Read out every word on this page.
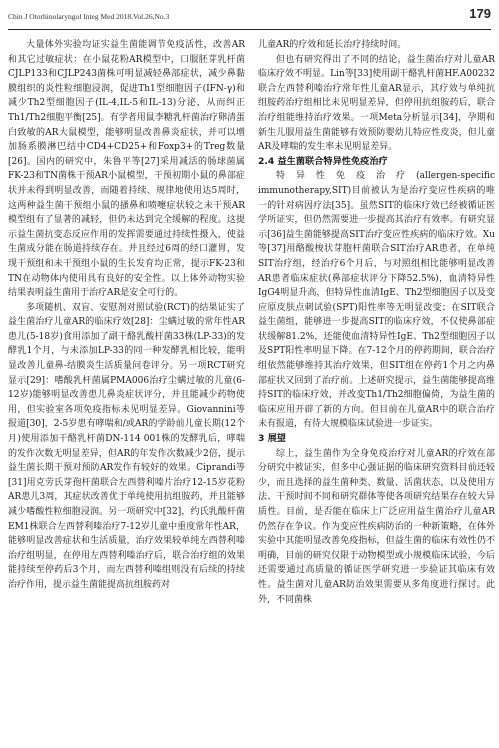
Chin J Otorhinolaryngol Integ Med 2018,Vol.26,No.3	179

大量体外实验均证实益生菌能调节免疫活性，改善AR和其它过敏症状：在小鼠花粉AR模型中，口服胚芽乳杆菌CJLP133和CJLP243菌株可明显减轻鼻部症状，减少鼻黏膜组织的炎性粒细胞浸润，促进Th1型细胞因子(IFN-γ)和减少Th2型细胞因子(IL-4,IL-5和IL-13)分泌，从而纠正Th1/Th2细胞平衡[25]。有学者用鼠李糖乳杆菌治疗卵清蛋白致敏的AR大鼠模型，能够明显改善鼻炎症状，并可以增加肠系膜淋巴结中CD4+CD25+和Foxp3+的Treg数量[26]。国内的研究中，朱鲁平等[27]采用减活的肠球菌属FK-23和TN菌株干预AR小鼠模型，干预初期小鼠的鼻部症状并未得到明显改善，而随着持续、规律地使用达5周时，这两种益生菌干预组小鼠的搔鼻和喷嚏症状较之未干预AR模型组有了显著的减轻，但仍未达到完全缓解的程度。这提示益生菌抗变态反应作用的发挥需要通过持续性摄入，使益生菌成分能在肠道持续存在。并且经过6周的经口灌胃，发现干预组和未干预组小鼠的生长发育均正常，提示FK-23和TN在动物体内使用具有良好的安全性。以上体外动物实验结果表明益生菌用于治疗AR是安全可行的。

多项随机、双盲、安慰剂对照试验(RCT)的结果证实了益生菌治疗儿童AR的临床疗效[28]：尘螨过敏的常年性AR患儿(5-18岁)食用添加了副干酪乳酸杆菌33株(LP-33)的发酵乳1个月，与未添加LP-33的同一种发酵乳相比较，能明显改善儿童鼻-结膜炎生活质量问卷评分。另一项RCT研究显示[29]：嗜酸乳杆菌属PMA006治疗尘螨过敏的儿童(6-12岁)能够明显改善患儿鼻炎症状评分，并且能减少药物使用，但实验室各项免疫指标未见明显差异。Giovannini等报道[30]，2-5岁患有哮喘和/或AR的学龄前儿童长期(12个月)使用添加干酪乳杆菌DN-114 001株的发酵乳后，哮喘的发作次数无明显差异，但AR的年发作次数减少2倍，提示益生菌长期干预对预防AR发作有较好的效果。Ciprandi等[31]用克劳氏芽孢杆菌联合左西替利嗪片治疗12-15岁花粉AR患儿3周，其症状改善优于单纯使用抗组胺药，并且能够减少嗜酸性粒细胞浸润。另一项研究中[32]，约氏乳酸杆菌EM1株联合左西替利嗪治疗7-12岁儿童中重度常年性AR，能够明显改善症状和生活质量，治疗效果较单纯左西替利嗪治疗组明显，在停用左西替利嗪治疗后，联合治疗组的效果能持续至停药后3个月，而左西替利嗪组则没有后续的持续治疗作用，提示益生菌能提高抗组胺药对

儿童AR的疗效和延长治疗持续时间。

但也有研究得出了不同的结论，益生菌治疗对儿童AR临床疗效不明显。Lin等[33]使用副干酪乳杆菌HF.A00232联合左西替利嗪治疗常年性儿童AR显示，其疗效与单纯抗组胺药治疗组相比未见明显差异，但停用抗组胺药后，联合治疗组能维持治疗效果。一项Meta分析显示[34]，孕期和新生儿服用益生菌能够有效预防婴幼儿特应性皮炎，但儿童AR及哮喘的发生率未见明显差异。

2.4 益生菌联合特异性免疫治疗

特异性免疫治疗(allergen-specific immunotherapy,SIT)目前被认为是治疗变应性疾病的唯一的针对病因疗法[35]。虽然SIT的临床疗效已经被循证医学所证实，但仍然需要进一步提高其治疗有效率。有研究显示[36]益生菌能够提高SIT治疗变应性疾病的临床疗效。Xu等[37]用酪酸梭状芽胞杆菌联合SIT治疗AR患者，在单纯SIT治疗组，经治疗6个月后，与对照组相比能够明显改善AR患者临床症状(鼻部症状评分下降52.5%)，血清特异性IgG4明显升高，但特异性血清IgE、Th2型细胞因子以及变应原皮肤点刺试验(SPT)阳性率等无明显改变；在SIT联合益生菌组，能够进一步提高SIT的临床疗效，不仅使鼻部症状缓解81.2%，还能使血清特异性IgE、Th2型细胞因子以及SPT阳性率明显下降。在7-12个月的停药期间，联合治疗组依然能够维持其治疗效果，但SIT组在停药1个月之内鼻部症状又回到了治疗前。上述研究提示，益生菌能够提高维持SIT的临床疗效，并改变Th1/Th2细胞偏倚，为益生菌的临床应用开辟了新的方向。但目前在儿童AR中的联合治疗未有报道，有待大规模临床试验进一步证实。

3 展望

综上，益生菌作为全身免疫治疗对儿童AR的疗效在部分研究中被证实，但多中心强证据的临床研究资料目前还较少，而且选择的益生菌种类、数量、活菌状态，以及使用方法、干预时间不同和研究群体等使各项研究结果存在较大异质性。目前，是否能在临床上广泛应用益生菌治疗儿童AR仍然存在争议。作为变应性疾病防治的一种新策略，在体外实验中其能明显改善免疫指标，但益生菌的临床有效性仍不明确，目前的研究仅限于动物模型或小规模临床试验，今后还需要通过高质量的循证医学研究进一步验证其临床有效性。益生菌对儿童AR防治效果需要从多角度进行探讨。此外，不同菌株
